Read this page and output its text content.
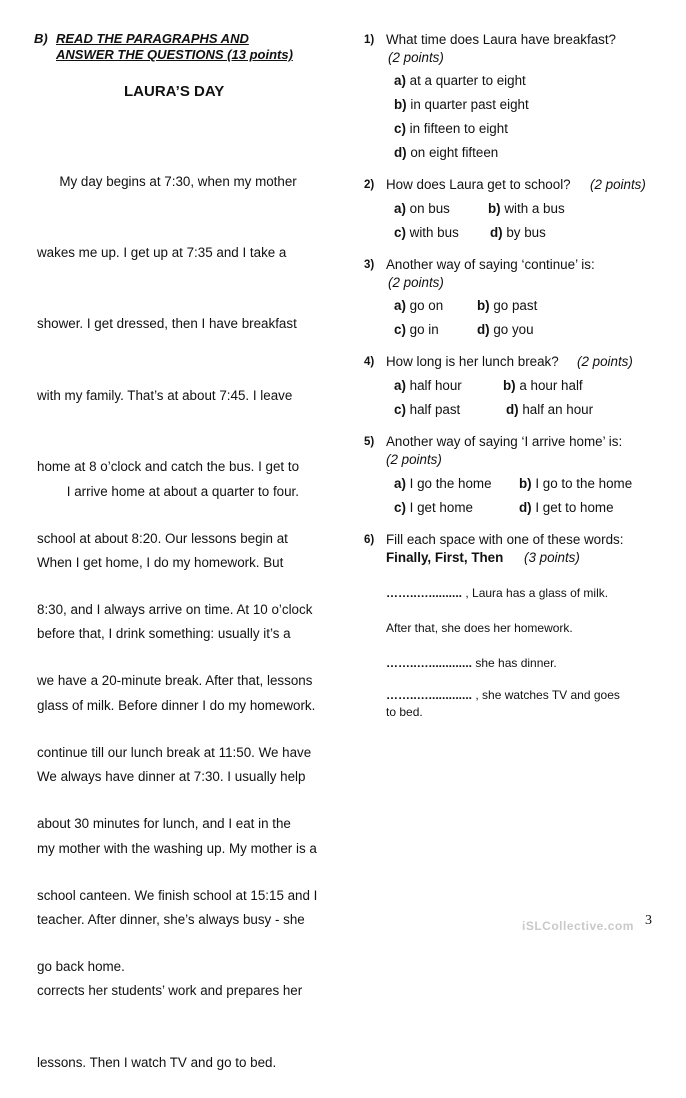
B) READ THE PARAGRAPHS AND
ANSWER THE QUESTIONS (13 points)
LAURA’S DAY

My day begins at 7:30, when my mother

wakes me up. I get up at 7:35 and I take a

shower. I get dressed, then I have breakfast

with my family. That’s at about 7:45. I leave

home at 8 o’clock and catch the bus. I get to

school at about 8:20. Our lessons begin at

8:30, and I always arrive on time. At 10 o’clock

we have a 20-minute break. After that, lessons

continue till our lunch break at 11:50. We have

about 30 minutes for lunch, and I eat in the

school canteen. We finish school at 15:15 and I

go back home.

I arrive home at about a quarter to four.

When I get home, I do my homework. But

before that, I drink something: usually it’s a

glass of milk. Before dinner I do my homework.

We always have dinner at 7:30. I usually help

my mother with the washing up. My mother is a

teacher. After dinner, she’s always busy - she

corrects her students’ work and prepares her

lessons. Then I watch TV and go to bed.

1) What time does Laura have breakfast?
(2 points)
a) at a quarter to eight
b) in quarter past eight
c) in fifteen to eight
d) on eight fifteen
2) How does Laura get to school? (2 points)
a) on bus	b) with a bus
c) with bus d) by bus
3) Another way of saying ‘continue’ is:
(2 points)
a) go on	b) go past
c) go in	d) go you
4) How long is her lunch break? (2 points)
a) half hour	b) a hour half
c) half past	d) half an hour
5) Another way of saying ‘I arrive home’ is:
(2 points)
a) I go the home b) I go to the home
c) I get home	d) I get to home
6) Fill each space with one of these words:
Finally, First, Then (3 points)
……..….......... , Laura has a glass of milk.
After that, she does her homework.
……..…............. she has dinner.
……..…............. , she watches TV and goes
to bed.
iSLCollective.com 3
